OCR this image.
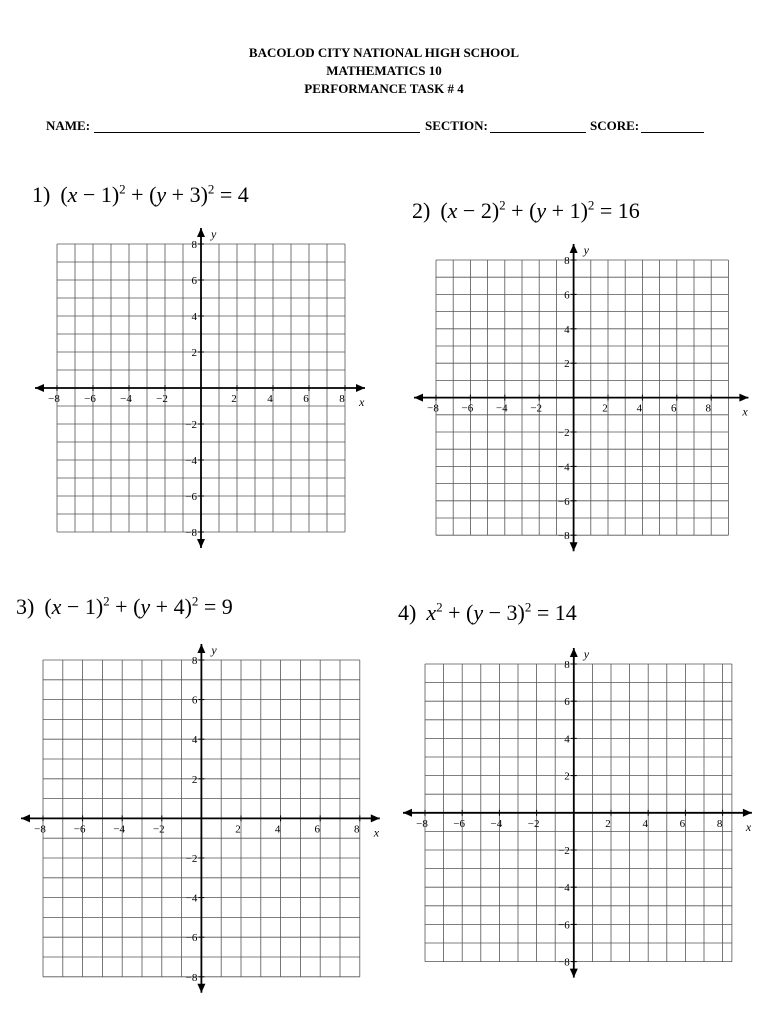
BACOLOD CITY NATIONAL HIGH SCHOOL
MATHEMATICS 10
PERFORMANCE TASK # 4
NAME:	SECTION:	SCORE:
1) $(x - 1)^2 + (y + 3)^2 = 4$
2) $(x - 2)^2 + (y + 1)^2 = 16$
3) $(x - 1)^2 + (y + 4)^2 = 9$	4) $x^2 + (y - 3)^2 = 14$
−8 −6 −4 −2	2	4	6	8
8
6
4
2
−2
−4
−6
−8
x
y
−8 −6 −4 −2	2	4	6	8
8
6
4
2
−2
−4
−6
−8
x
y
−8	−6	−4	−2	2	4	6	8
8
6
4
2
−2
−4
−6
−8
x
y
−8 −6 −4 −2	2	4	6	8
8
6
4
2
−2
−4
−6
−8
x
y
